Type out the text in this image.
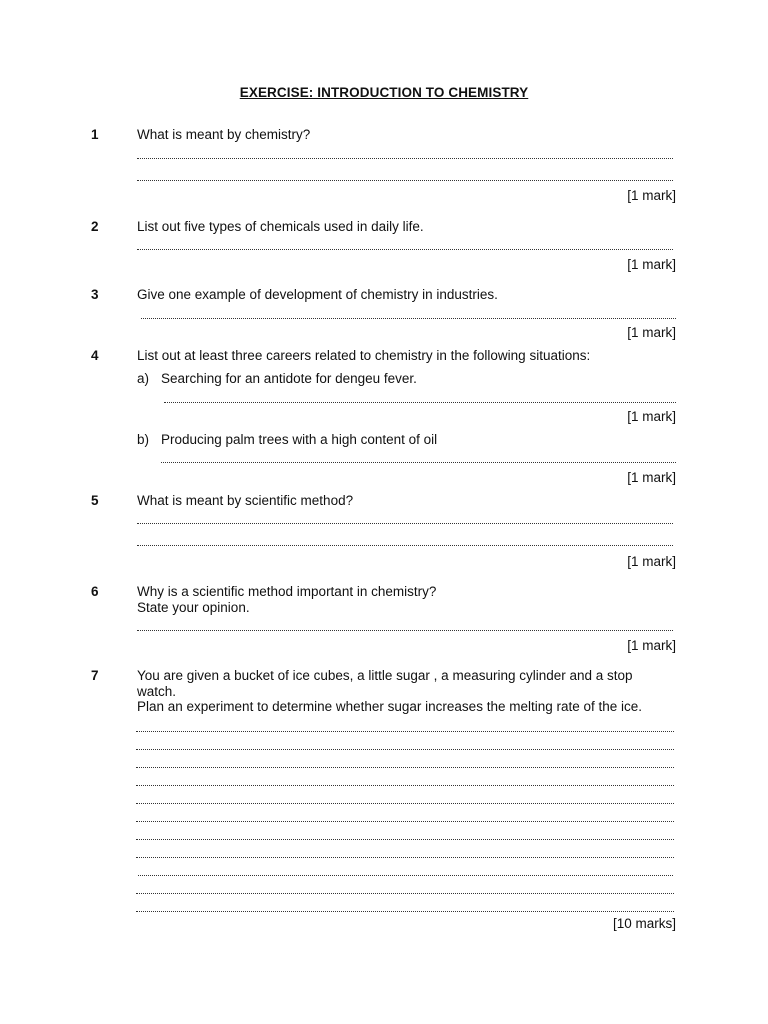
EXERCISE: INTRODUCTION TO CHEMISTRY
1	What is meant by chemistry?
[1 mark]
2	List out five types of chemicals used in daily life.
[1 mark]
3	Give one example of development of chemistry in industries.
[1 mark]
4	List out at least three careers related to chemistry in the following situations:
a) Searching for an antidote for dengeu fever.
[1 mark]
b) Producing palm trees with a high content of oil
[1 mark]
5	What is meant by scientific method?
[1 mark]
6	Why is a scientific method important in chemistry?
State your opinion.
[1 mark]
7	You are given a bucket of ice cubes, a little sugar , a measuring cylinder and a stop
watch.
Plan an experiment to determine whether sugar increases the melting rate of the ice.
[10 marks]
